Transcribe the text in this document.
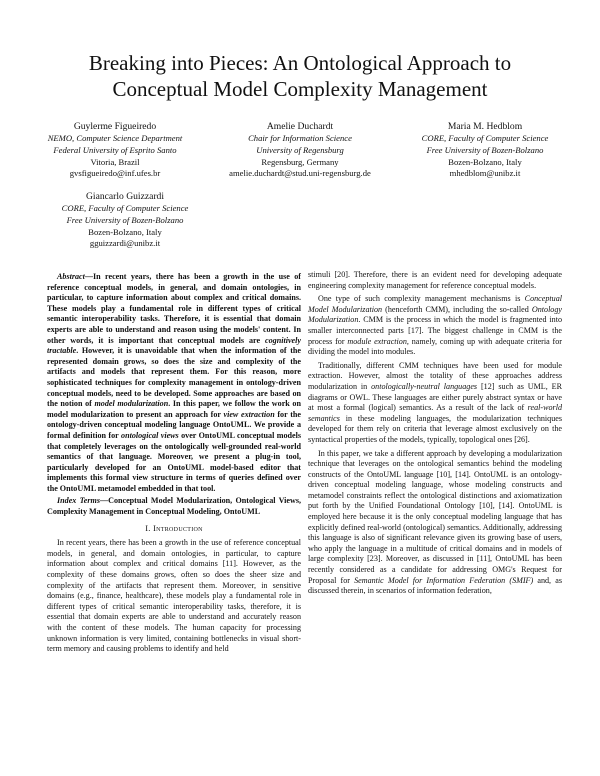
Breaking into Pieces: An Ontological Approach to Conceptual Model Complexity Management
Guylerme Figueiredo
NEMO, Computer Science Department
Federal University of Esprito Santo
Vitoria, Brazil
gvsfigueiredo@inf.ufes.br
Amelie Duchardt
Chair for Information Science
University of Regensburg
Regensburg, Germany
amelie.duchardt@stud.uni-regensburg.de
Maria M. Hedblom
CORE, Faculty of Computer Science
Free University of Bozen-Bolzano
Bozen-Bolzano, Italy
mhedblom@unibz.it
Giancarlo Guizzardi
CORE, Faculty of Computer Science
Free University of Bozen-Bolzano
Bozen-Bolzano, Italy
gguizzardi@unibz.it

Abstract—In recent years, there has been a growth in the use of reference conceptual models, in general, and domain ontologies, in particular, to capture information about complex and critical domains. These models play a fundamental role in different types of critical semantic interoperability tasks. Therefore, it is essential that domain experts are able to understand and reason using the models' content. In other words, it is important that conceptual models are cognitively tractable. However, it is unavoidable that when the information of the represented domain grows, so does the size and complexity of the artifacts and models that represent them. For this reason, more sophisticated techniques for complexity management in ontology-driven conceptual models, need to be developed. Some approaches are based on the notion of model modularization. In this paper, we follow the work on model modularization to present an approach for view extraction for the ontology-driven conceptual modeling language OntoUML. We provide a formal definition for ontological views over OntoUML conceptual models that completely leverages on the ontologically well-grounded real-world semantics of that language. Moreover, we present a plug-in tool, particularly developed for an OntoUML model-based editor that implements this formal view structure in terms of queries defined over the OntoUML metamodel embedded in that tool.

Index Terms—Conceptual Model Modularization, Ontological Views, Complexity Management in Conceptual Modeling, OntoUML

I. Introduction

In recent years, there has been a growth in the use of reference conceptual models, in general, and domain ontologies, in particular, to capture information about complex and critical domains [11]. However, as the complexity of these domains grows, often so does the sheer size and complexity of the artifacts that represent them. Moreover, in sensitive domains (e.g., finance, healthcare), these models play a fundamental role in different types of critical semantic interoperability tasks, therefore, it is essential that domain experts are able to understand and accurately reason with the content of these models. The human capacity for processing unknown information is very limited, containing bottlenecks in visual short-term memory and causing problems to identify and held

stimuli [20]. Therefore, there is an evident need for developing adequate engineering complexity management for reference conceptual models.

One type of such complexity management mechanisms is Conceptual Model Modularization (henceforth CMM), including the so-called Ontology Modularization. CMM is the process in which the model is fragmented into smaller interconnected parts [17]. The biggest challenge in CMM is the process for module extraction, namely, coming up with adequate criteria for dividing the model into modules.

Traditionally, different CMM techniques have been used for module extraction. However, almost the totality of these approaches address modularization in ontologically-neutral languages [12] such as UML, ER diagrams or OWL. These languages are either purely abstract syntax or have at most a formal (logical) semantics. As a result of the lack of real-world semantics in these modeling languages, the modularization techniques developed for them rely on criteria that leverage almost exclusively on the syntactical properties of the models, typically, topological ones [26].

In this paper, we take a different approach by developing a modularization technique that leverages on the ontological semantics behind the modeling constructs of the OntoUML language [10], [14]. OntoUML is an ontology-driven conceptual modeling language, whose modeling constructs and metamodel constraints reflect the ontological distinctions and axiomatization put forth by the Unified Foundational Ontology [10], [14]. OntoUML is employed here because it is the only conceptual modeling language that has explicitly defined real-world (ontological) semantics. Additionally, addressing this language is also of significant relevance given its growing base of users, who apply the language in a multitude of critical domains and in models of large complexity [23]. Moreover, as discussed in [11], OntoUML has been recently considered as a candidate for addressing OMG's Request for Proposal for Semantic Model for Information Federation (SMIF) and, as discussed therein, in scenarios of information federation,
